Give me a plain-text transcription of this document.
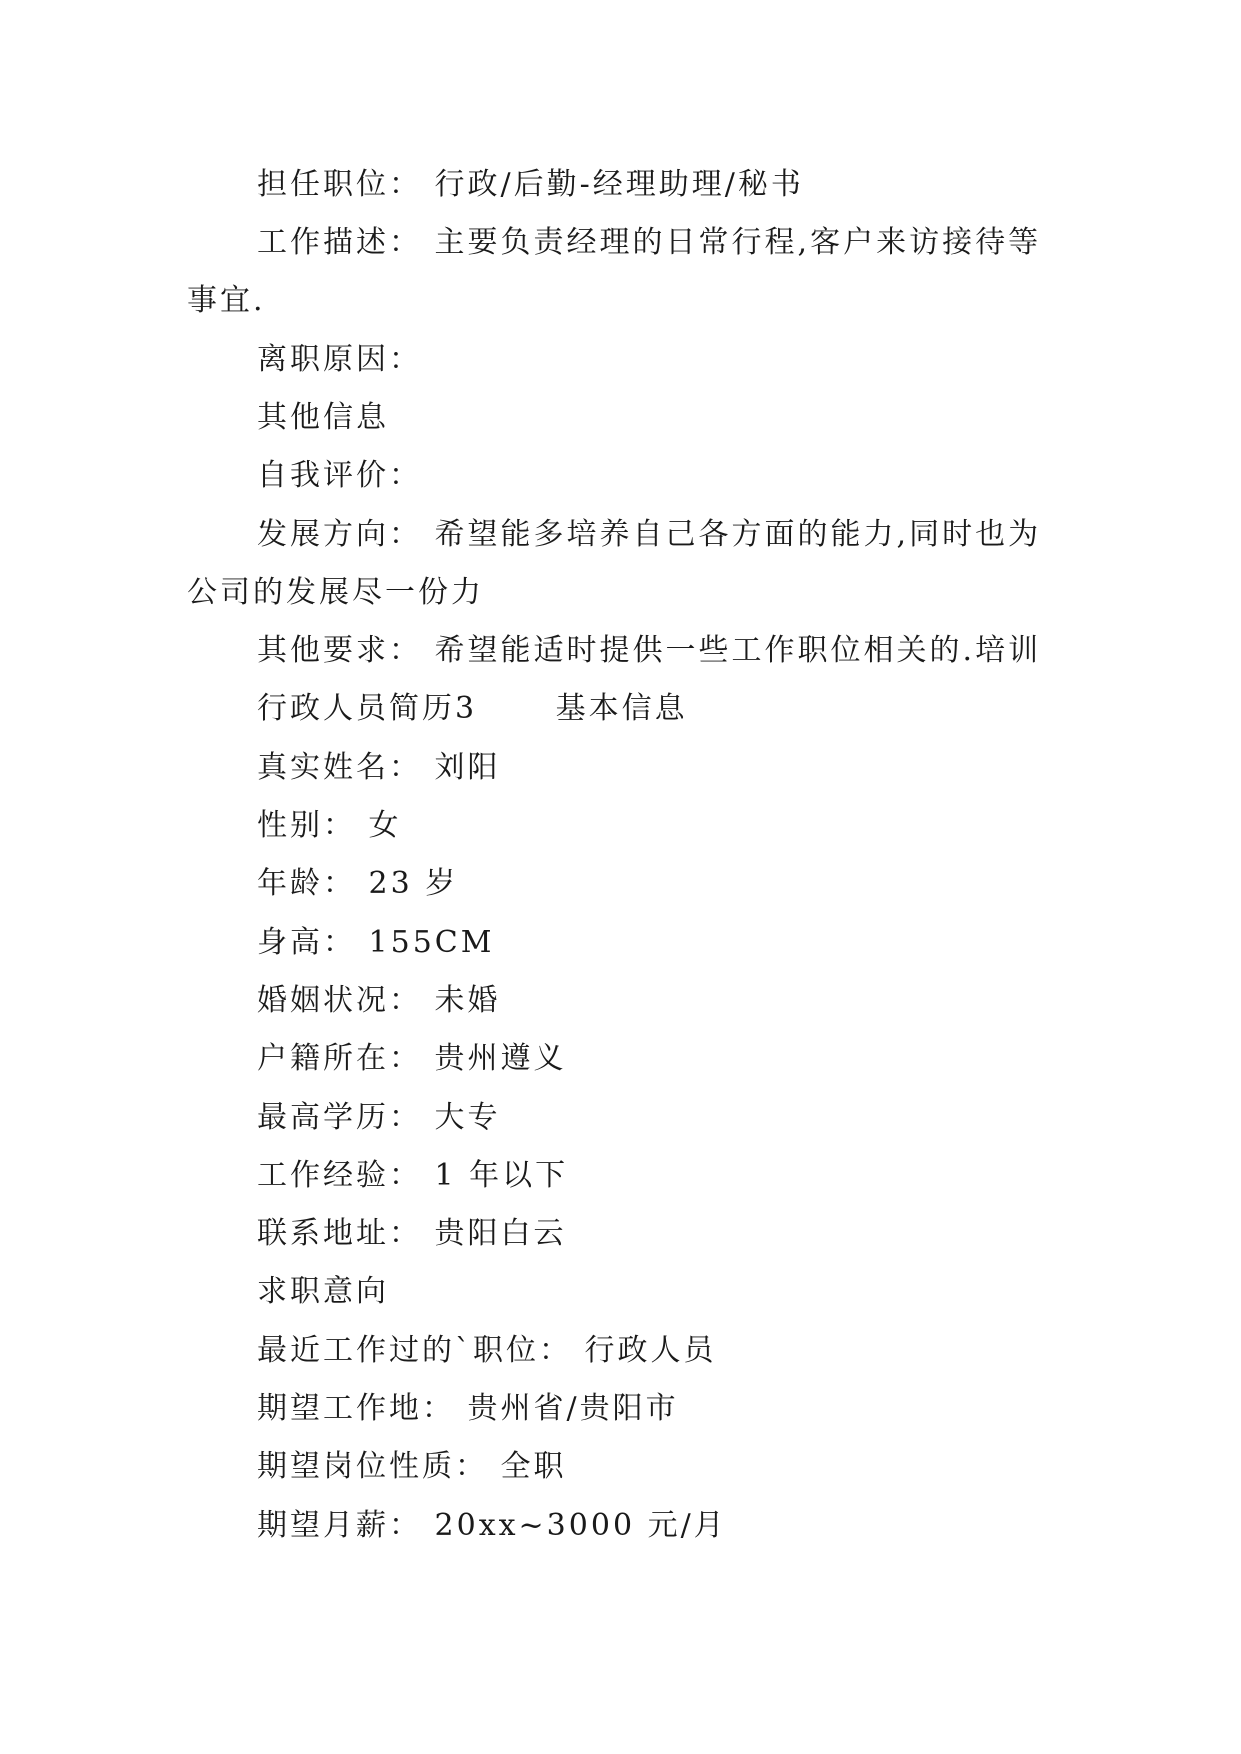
担任职位： 行政/后勤-经理助理/秘书
工作描述： 主要负责经理的日常行程,客户来访接待等
事宜.
离职原因：
其他信息
自我评价：
发展方向： 希望能多培养自己各方面的能力,同时也为
公司的发展尽一份力
其他要求： 希望能适时提供一些工作职位相关的.培训
行政人员简历3　　 基本信息
真实姓名： 刘阳
性别： 女
年龄： 23 岁
身高： 155CM
婚姻状况： 未婚
户籍所在： 贵州遵义
最高学历： 大专
工作经验： 1 年以下
联系地址： 贵阳白云
求职意向
最近工作过的`职位： 行政人员
期望工作地： 贵州省/贵阳市
期望岗位性质： 全职
期望月薪： 20xx~3000 元/月
